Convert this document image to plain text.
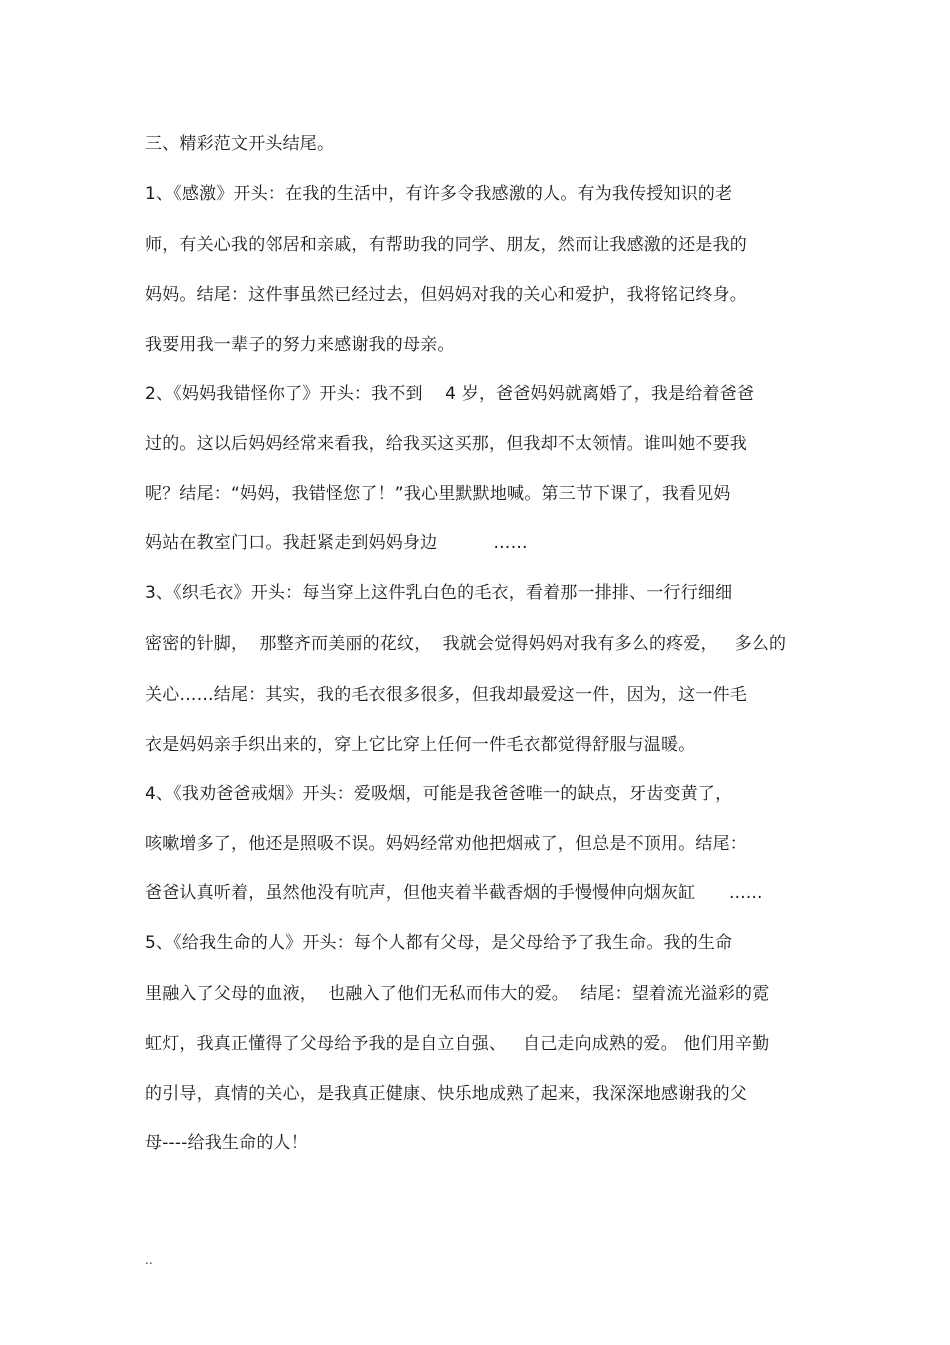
三、精彩范文开头结尾。
1、《感激》开头：在我的生活中，有许多令我感激的人。有为我传授知识的老
师，有关心我的邻居和亲戚，有帮助我的同学、朋友，然而让我感激的还是我的
妈妈。结尾：这件事虽然已经过去，但妈妈对我的关心和爱护，我将铭记终身。
我要用我一辈子的努力来感谢我的母亲。
2、《妈妈我错怪你了》开头：我不到    4 岁，爸爸妈妈就离婚了，我是给着爸爸
过的。这以后妈妈经常来看我，给我买这买那，但我却不太领情。谁叫她不要我
呢？结尾：“妈妈，我错怪您了！”我心里默默地喊。第三节下课了，我看见妈
妈站在教室门口。我赶紧走到妈妈身边          ……
3、《织毛衣》开头：每当穿上这件乳白色的毛衣，看着那一排排、一行行细细
密密的针脚，  那整齐而美丽的花纹，  我就会觉得妈妈对我有多么的疼爱，   多么的
关心……结尾：其实，我的毛衣很多很多，但我却最爱这一件，因为，这一件毛
衣是妈妈亲手织出来的，穿上它比穿上任何一件毛衣都觉得舒服与温暖。
4、《我劝爸爸戒烟》开头：爱吸烟，可能是我爸爸唯一的缺点，牙齿变黄了，
咳嗽增多了，他还是照吸不误。妈妈经常劝他把烟戒了，但总是不顶用。结尾：
爸爸认真听着，虽然他没有吭声，但他夹着半截香烟的手慢慢伸向烟灰缸      ......
5、《给我生命的人》开头：每个人都有父母，是父母给予了我生命。我的生命
里融入了父母的血液，  也融入了他们无私而伟大的爱。  结尾：望着流光溢彩的霓
虹灯，我真正懂得了父母给予我的是自立自强、   自己走向成熟的爱。 他们用辛勤
的引导，真情的关心，是我真正健康、快乐地成熟了起来，我深深地感谢我的父
母----给我生命的人！
..
